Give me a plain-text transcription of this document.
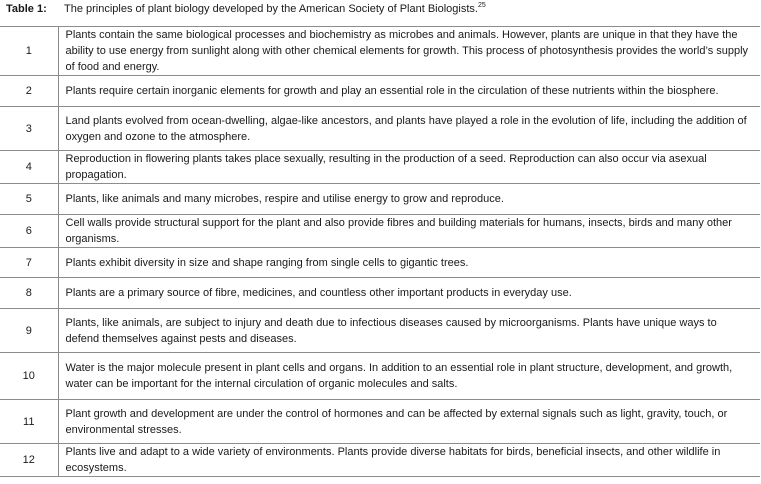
Table 1: The principles of plant biology developed by the American Society of Plant Biologists.$^{25}$
1	Plants contain the same biological processes and biochemistry as microbes and animals. However, plants are unique in that they have the ability to use energy from sunlight along with other chemical elements for growth. This process of photosynthesis provides the world’s supply of food and energy.
2	Plants require certain inorganic elements for growth and play an essential role in the circulation of these nutrients within the biosphere.
3	Land plants evolved from ocean-dwelling, algae-like ancestors, and plants have played a role in the evolution of life, including the addition of oxygen and ozone to the atmosphere.
4	Reproduction in flowering plants takes place sexually, resulting in the production of a seed. Reproduction can also occur via asexual propagation.
5	Plants, like animals and many microbes, respire and utilise energy to grow and reproduce.
6	Cell walls provide structural support for the plant and also provide fibres and building materials for humans, insects, birds and many other organisms.
7	Plants exhibit diversity in size and shape ranging from single cells to gigantic trees.
8	Plants are a primary source of fibre, medicines, and countless other important products in everyday use.
9	Plants, like animals, are subject to injury and death due to infectious diseases caused by microorganisms. Plants have unique ways to defend themselves against pests and diseases.
10	Water is the major molecule present in plant cells and organs. In addition to an essential role in plant structure, development, and growth, water can be important for the internal circulation of organic molecules and salts.
11	Plant growth and development are under the control of hormones and can be affected by external signals such as light, gravity, touch, or environmental stresses.
12	Plants live and adapt to a wide variety of environments. Plants provide diverse habitats for birds, beneficial insects, and other wildlife in ecosystems.
